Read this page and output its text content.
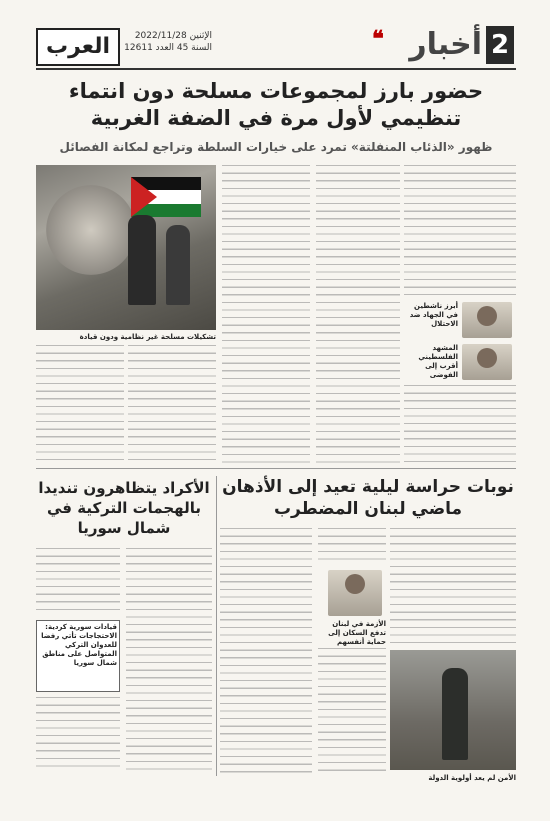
2
أخبار
❝
العرب	الإثنين 2022/11/28
السنة 45 العدد 12611
حضور بارز لمجموعات مسلحة دون انتماء تنظيمي لأول مرة في الضفة الغربية
ظهور «الذئاب المنفلتة» تمرد على خيارات السلطة وتراجع لمكانة الفصائل
تشكيلات مسلحة غير نظامية ودون قيادة
أبرز ناشطين في الجهاد ضد الاحتلال
المشهد الفلسطيني أقرب إلى الفوضى
نوبات حراسة ليلية تعيد إلى الأذهان ماضي لبنان المضطرب
الأزمة في لبنان تدفع السكان إلى حماية أنفسهم
الأمن لم يعد أولوية الدولة
الأكراد يتظاهرون تنديدا بالهجمات التركية في شمال سوريا
قيادات سورية كردية: الاحتجاجات تأتي رفضا للعدوان التركي المتواصل على مناطق شمال سوريا
